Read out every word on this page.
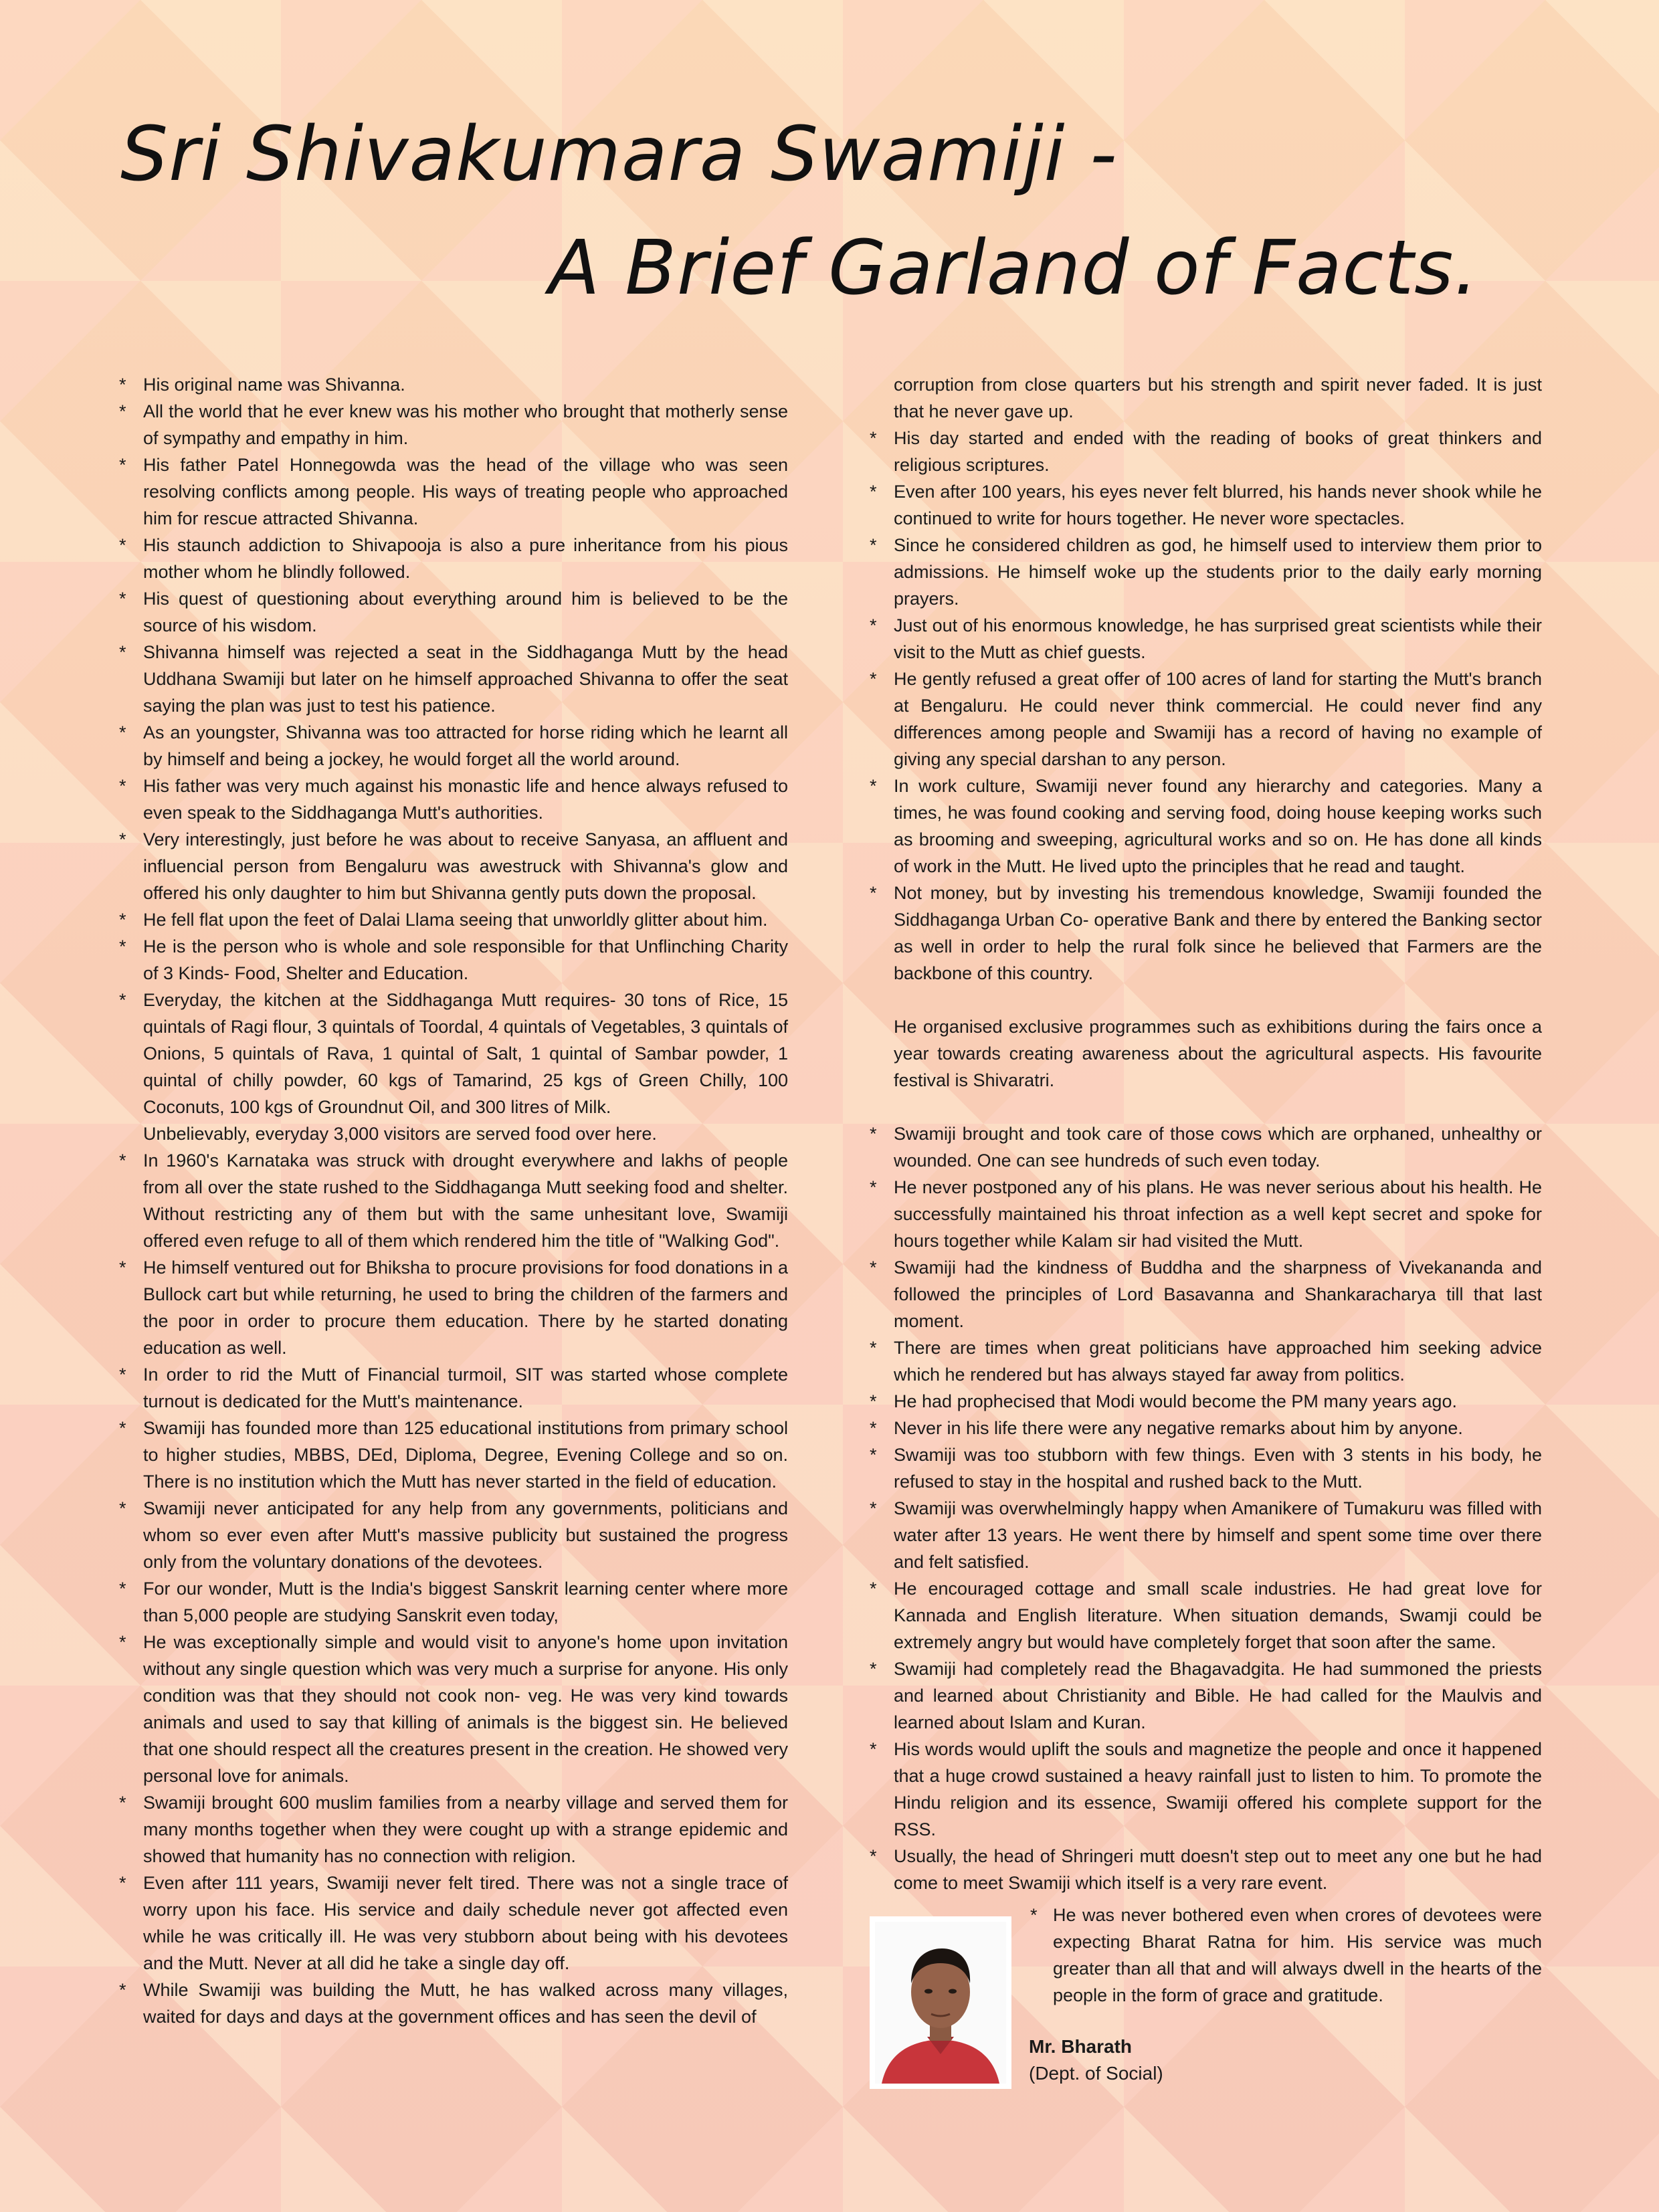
Sri Shivakumara Swamiji -
A Brief Garland of Facts.
* His original name was Shivanna.
* All the world that he ever knew was his mother who brought that motherly sense of sympathy and empathy in him.
* His father Patel Honnegowda was the head of the village who was seen resolving conflicts among people. His ways of treating people who approached him for rescue attracted Shivanna.
* His staunch addiction to Shivapooja is also a pure inheritance from his pious mother whom he blindly followed.
* His quest of questioning about everything around him is believed to be the source of his wisdom.
* Shivanna himself was rejected a seat in the Siddhaganga Mutt by the head Uddhana Swamiji but later on he himself approached Shivanna to offer the seat saying the plan was just to test his patience.
* As an youngster, Shivanna was too attracted for horse riding which he learnt all by himself and being a jockey, he would forget all the world around.
* His father was very much against his monastic life and hence always refused to even speak to the Siddhaganga Mutt's authorities.
* Very interestingly, just before he was about to receive Sanyasa, an affluent and influencial person from Bengaluru was awestruck with Shivanna's glow and offered his only daughter to him but Shivanna gently puts down the proposal.
* He fell flat upon the feet of Dalai Llama seeing that unworldly glitter about him.
* He is the person who is whole and sole responsible for that Unflinching Charity of 3 Kinds- Food, Shelter and Education.
* Everyday, the kitchen at the Siddhaganga Mutt requires- 30 tons of Rice, 15 quintals of Ragi flour, 3 quintals of Toordal, 4 quintals of Vegetables, 3 quintals of Onions, 5 quintals of Rava, 1 quintal of Salt, 1 quintal of Sambar powder, 1 quintal of chilly powder, 60 kgs of Tamarind, 25 kgs of Green Chilly, 100 Coconuts, 100 kgs of Groundnut Oil, and 300 litres of Milk.
Unbelievably, everyday 3,000 visitors are served food over here.
* In 1960's Karnataka was struck with drought everywhere and lakhs of people from all over the state rushed to the Siddhaganga Mutt seeking food and shelter. Without restricting any of them but with the same unhesitant love, Swamiji offered even refuge to all of them which rendered him the title of "Walking God".
* He himself ventured out for Bhiksha to procure provisions for food donations in a Bullock cart but while returning, he used to bring the children of the farmers and the poor in order to procure them education. There by he started donating education as well.
* In order to rid the Mutt of Financial turmoil, SIT was started whose complete turnout is dedicated for the Mutt's maintenance.
* Swamiji has founded more than 125 educational institutions from primary school to higher studies, MBBS, DEd, Diploma, Degree, Evening College and so on. There is no institution which the Mutt has never started in the field of education.
* Swamiji never anticipated for any help from any governments, politicians and whom so ever even after Mutt's massive publicity but sustained the progress only from the voluntary donations of the devotees.
* For our wonder, Mutt is the India's biggest Sanskrit learning center where more than 5,000 people are studying Sanskrit even today,
* He was exceptionally simple and would visit to anyone's home upon invitation without any single question which was very much a surprise for anyone. His only condition was that they should not cook non- veg. He was very kind towards animals and used to say that killing of animals is the biggest sin. He believed that one should respect all the creatures present in the creation. He showed very personal love for animals.
* Swamiji brought 600 muslim families from a nearby village and served them for many months together when they were cought up with a strange epidemic and showed that humanity has no connection with religion.
* Even after 111 years, Swamiji never felt tired. There was not a single trace of worry upon his face. His service and daily schedule never got affected even while he was critically ill. He was very stubborn about being with his devotees and the Mutt. Never at all did he take a single day off.
* While Swamiji was building the Mutt, he has walked across many villages, waited for days and days at the government offices and has seen the devil of
corruption from close quarters but his strength and spirit never faded. It is just that he never gave up.
* His day started and ended with the reading of books of great thinkers and religious scriptures.
* Even after 100 years, his eyes never felt blurred, his hands never shook while he continued to write for hours together. He never wore spectacles.
* Since he considered children as god, he himself used to interview them prior to admissions. He himself woke up the students prior to the daily early morning prayers.
* Just out of his enormous knowledge, he has surprised great scientists while their visit to the Mutt as chief guests.
* He gently refused a great offer of 100 acres of land for starting the Mutt's branch at Bengaluru. He could never think commercial. He could never find any differences among people and Swamiji has a record of having no example of giving any special darshan to any person.
* In work culture, Swamiji never found any hierarchy and categories. Many a times, he was found cooking and serving food, doing house keeping works such as brooming and sweeping, agricultural works and so on. He has done all kinds of work in the Mutt. He lived upto the principles that he read and taught.
* Not money, but by investing his tremendous knowledge, Swamiji founded the Siddhaganga Urban Co- operative Bank and there by entered the Banking sector as well in order to help the rural folk since he believed that Farmers are the backbone of this country.
He organised exclusive programmes such as exhibitions during the fairs once a year towards creating awareness about the agricultural aspects. His favourite festival is Shivaratri.
* Swamiji brought and took care of those cows which are orphaned, unhealthy or wounded. One can see hundreds of such even today.
* He never postponed any of his plans. He was never serious about his health. He successfully maintained his throat infection as a well kept secret and spoke for hours together while Kalam sir had visited the Mutt.
* Swamiji had the kindness of Buddha and the sharpness of Vivekananda and followed the principles of Lord Basavanna and Shankaracharya till that last moment.
* There are times when great politicians have approached him seeking advice which he rendered but has always stayed far away from politics.
* He had prophecised that Modi would become the PM many years ago.
* Never in his life there were any negative remarks about him by anyone.
* Swamiji was too stubborn with few things. Even with 3 stents in his body, he refused to stay in the hospital and rushed back to the Mutt.
* Swamiji was overwhelmingly happy when Amanikere of Tumakuru was filled with water after 13 years. He went there by himself and spent some time over there and felt satisfied.
* He encouraged cottage and small scale industries. He had great love for Kannada and English literature. When situation demands, Swamji could be extremely angry but would have completely forget that soon after the same.
* Swamiji had completely read the Bhagavadgita. He had summoned the priests and learned about Christianity and Bible. He had called for the Maulvis and learned about Islam and Kuran.
* His words would uplift the souls and magnetize the people and once it happened that a huge crowd sustained a heavy rainfall just to listen to him. To promote the Hindu religion and its essence, Swamiji offered his complete support for the RSS.
* Usually, the head of Shringeri mutt doesn't step out to meet any one but he had come to meet Swamiji which itself is a very rare event.
* He was never bothered even when crores of devotees were expecting Bharat Ratna for him. His service was much greater than all that and will always dwell in the hearts of the people in the form of grace and gratitude.
Mr. Bharath
(Dept. of Social)
